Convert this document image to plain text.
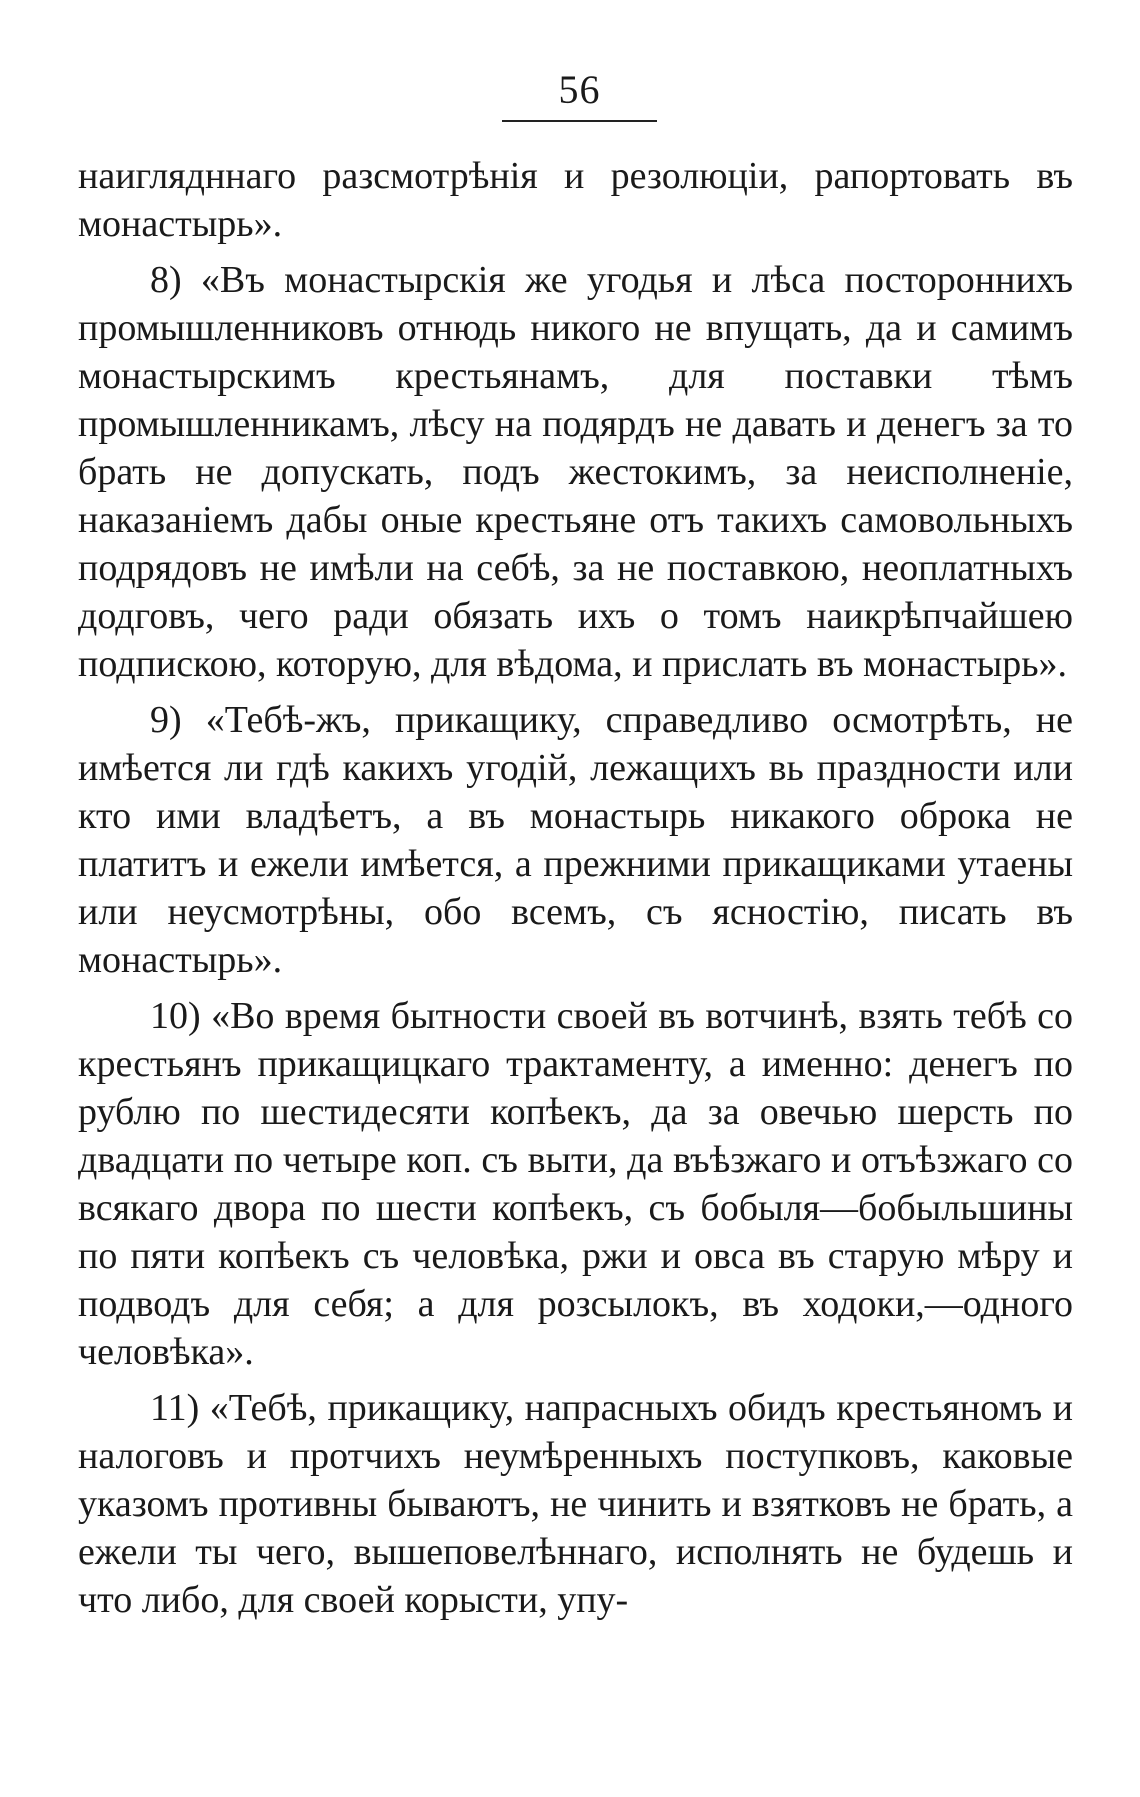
56

наиглядннаго разсмотрѣнія и резолюціи, рапортовать въ монастырь».

8) «Въ монастырскія же угодья и лѣса постороннихъ промышленниковъ отнюдь никого не впущать, да и самимъ монастырскимъ крестьянамъ, для поставки тѣмъ промышленникамъ, лѣсу на подярдъ не давать и денегъ за то брать не допускать, подъ жестокимъ, за неисполненіе, наказаніемъ дабы оные крестьяне отъ такихъ самовольныхъ подрядовъ не имѣли на себѣ, за не поставкою, неоплатныхъ додговъ, чего ради обязать ихъ о томъ наикрѣпчайшею подпискою, которую, для вѣдома, и прислать въ монастырь».

9) «Тебѣ-жъ, прикащику, справедливо осмотрѣть, не имѣется ли гдѣ какихъ угодій, лежащихъ вь праздности или кто ими владѣетъ, а въ монастырь никакого оброка не платитъ и ежели имѣется, а прежними прикащиками утаены или неусмотрѣны, обо всемъ, съ ясностію, писать въ монастырь».

10) «Во время бытности своей въ вотчинѣ, взять тебѣ со крестьянъ прикащицкаго трактаменту, а именно: денегъ по рублю по шестидесяти копѣекъ, да за овечью шерсть по двадцати по четыре коп. съ выти, да въѣзжаго и отъѣзжаго со всякаго двора по шести копѣекъ, съ бобыля—бобыльшины по пяти копѣекъ съ человѣка, ржи и овса въ старую мѣру и подводъ для себя; а для розсылокъ, въ ходоки,—одного человѣка».

11) «Тебѣ, прикащику, напрасныхъ обидъ крестьяномъ и налоговъ и протчихъ неумѣренныхъ поступковъ, каковые указомъ противны бываютъ, не чинить и взятковъ не брать, а ежели ты чего, вышеповелѣннаго, исполнять не будешь и что либо, для своей корысти, упу-
